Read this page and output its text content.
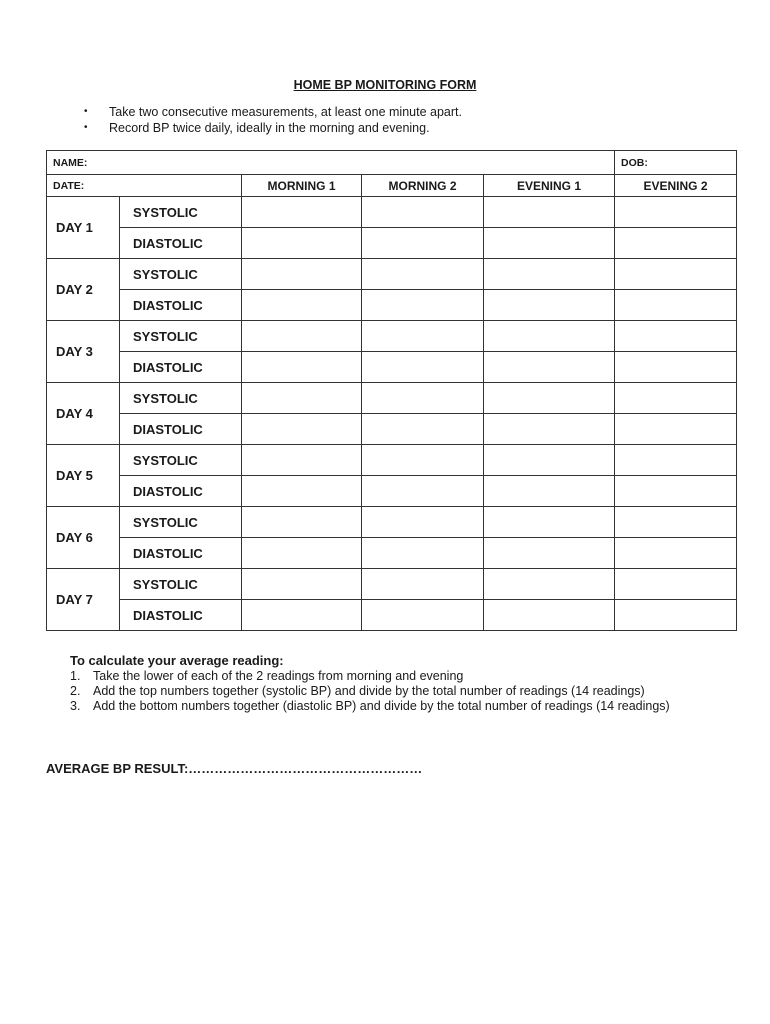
HOME BP MONITORING FORM
• Take two consecutive measurements, at least one minute apart.
• Record BP twice daily, ideally in the morning and evening.
NAME:					DOB:
DATE:		MORNING 1	MORNING 2	EVENING 1	EVENING 2
DAY 1	SYSTOLIC				
	DIASTOLIC				
DAY 2	SYSTOLIC				
	DIASTOLIC				
DAY 3	SYSTOLIC				
	DIASTOLIC				
DAY 4	SYSTOLIC				
	DIASTOLIC				
DAY 5	SYSTOLIC				
	DIASTOLIC				
DAY 6	SYSTOLIC				
	DIASTOLIC				
DAY 7	SYSTOLIC				
	DIASTOLIC				
To calculate your average reading:
1. Take the lower of each of the 2 readings from morning and evening
2. Add the top numbers together (systolic BP) and divide by the total number of readings (14 readings)
3. Add the bottom numbers together (diastolic BP) and divide by the total number of readings (14 readings)
AVERAGE BP RESULT:………………………………………………
